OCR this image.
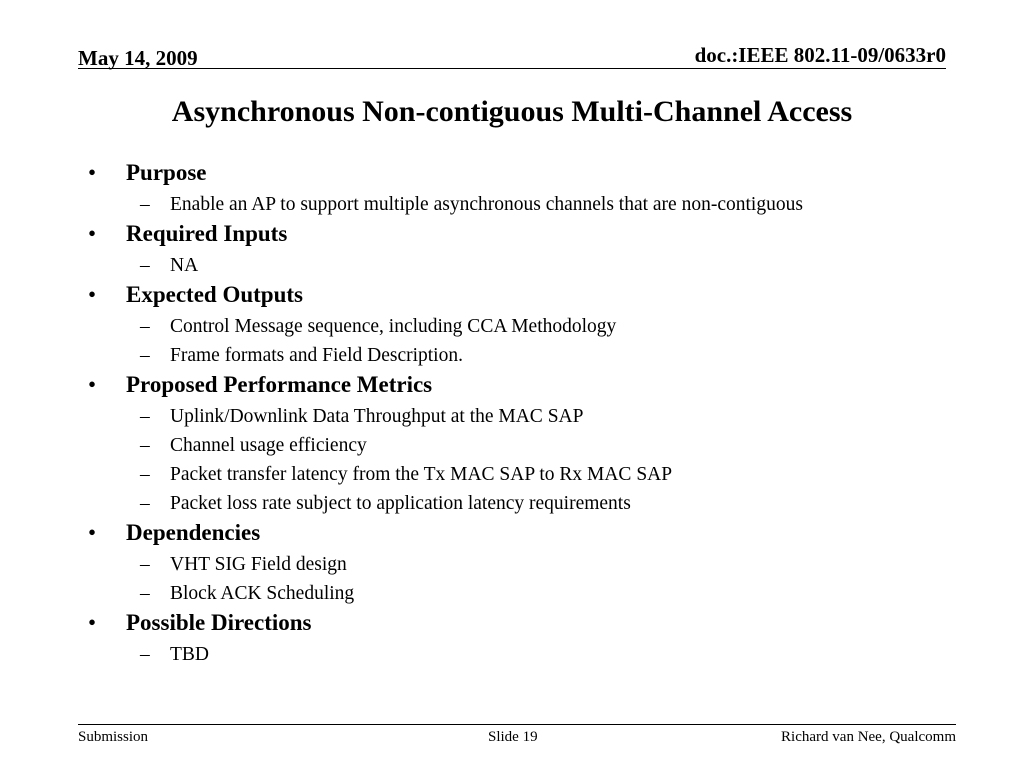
May 14, 2009	doc.:IEEE 802.11-09/0633r0
Asynchronous Non-contiguous Multi-Channel Access
• Purpose
– Enable an AP to support multiple asynchronous channels that are non-contiguous
• Required Inputs
– NA
• Expected Outputs
– Control Message sequence, including CCA Methodology
– Frame formats and Field Description.
• Proposed Performance Metrics
– Uplink/Downlink Data Throughput at the MAC SAP
– Channel usage efficiency
– Packet transfer latency from the Tx MAC SAP to Rx MAC SAP
– Packet loss rate subject to application latency requirements
• Dependencies
– VHT SIG Field design
– Block ACK Scheduling
• Possible Directions
– TBD
Submission	Slide 19	Richard van Nee, Qualcomm
